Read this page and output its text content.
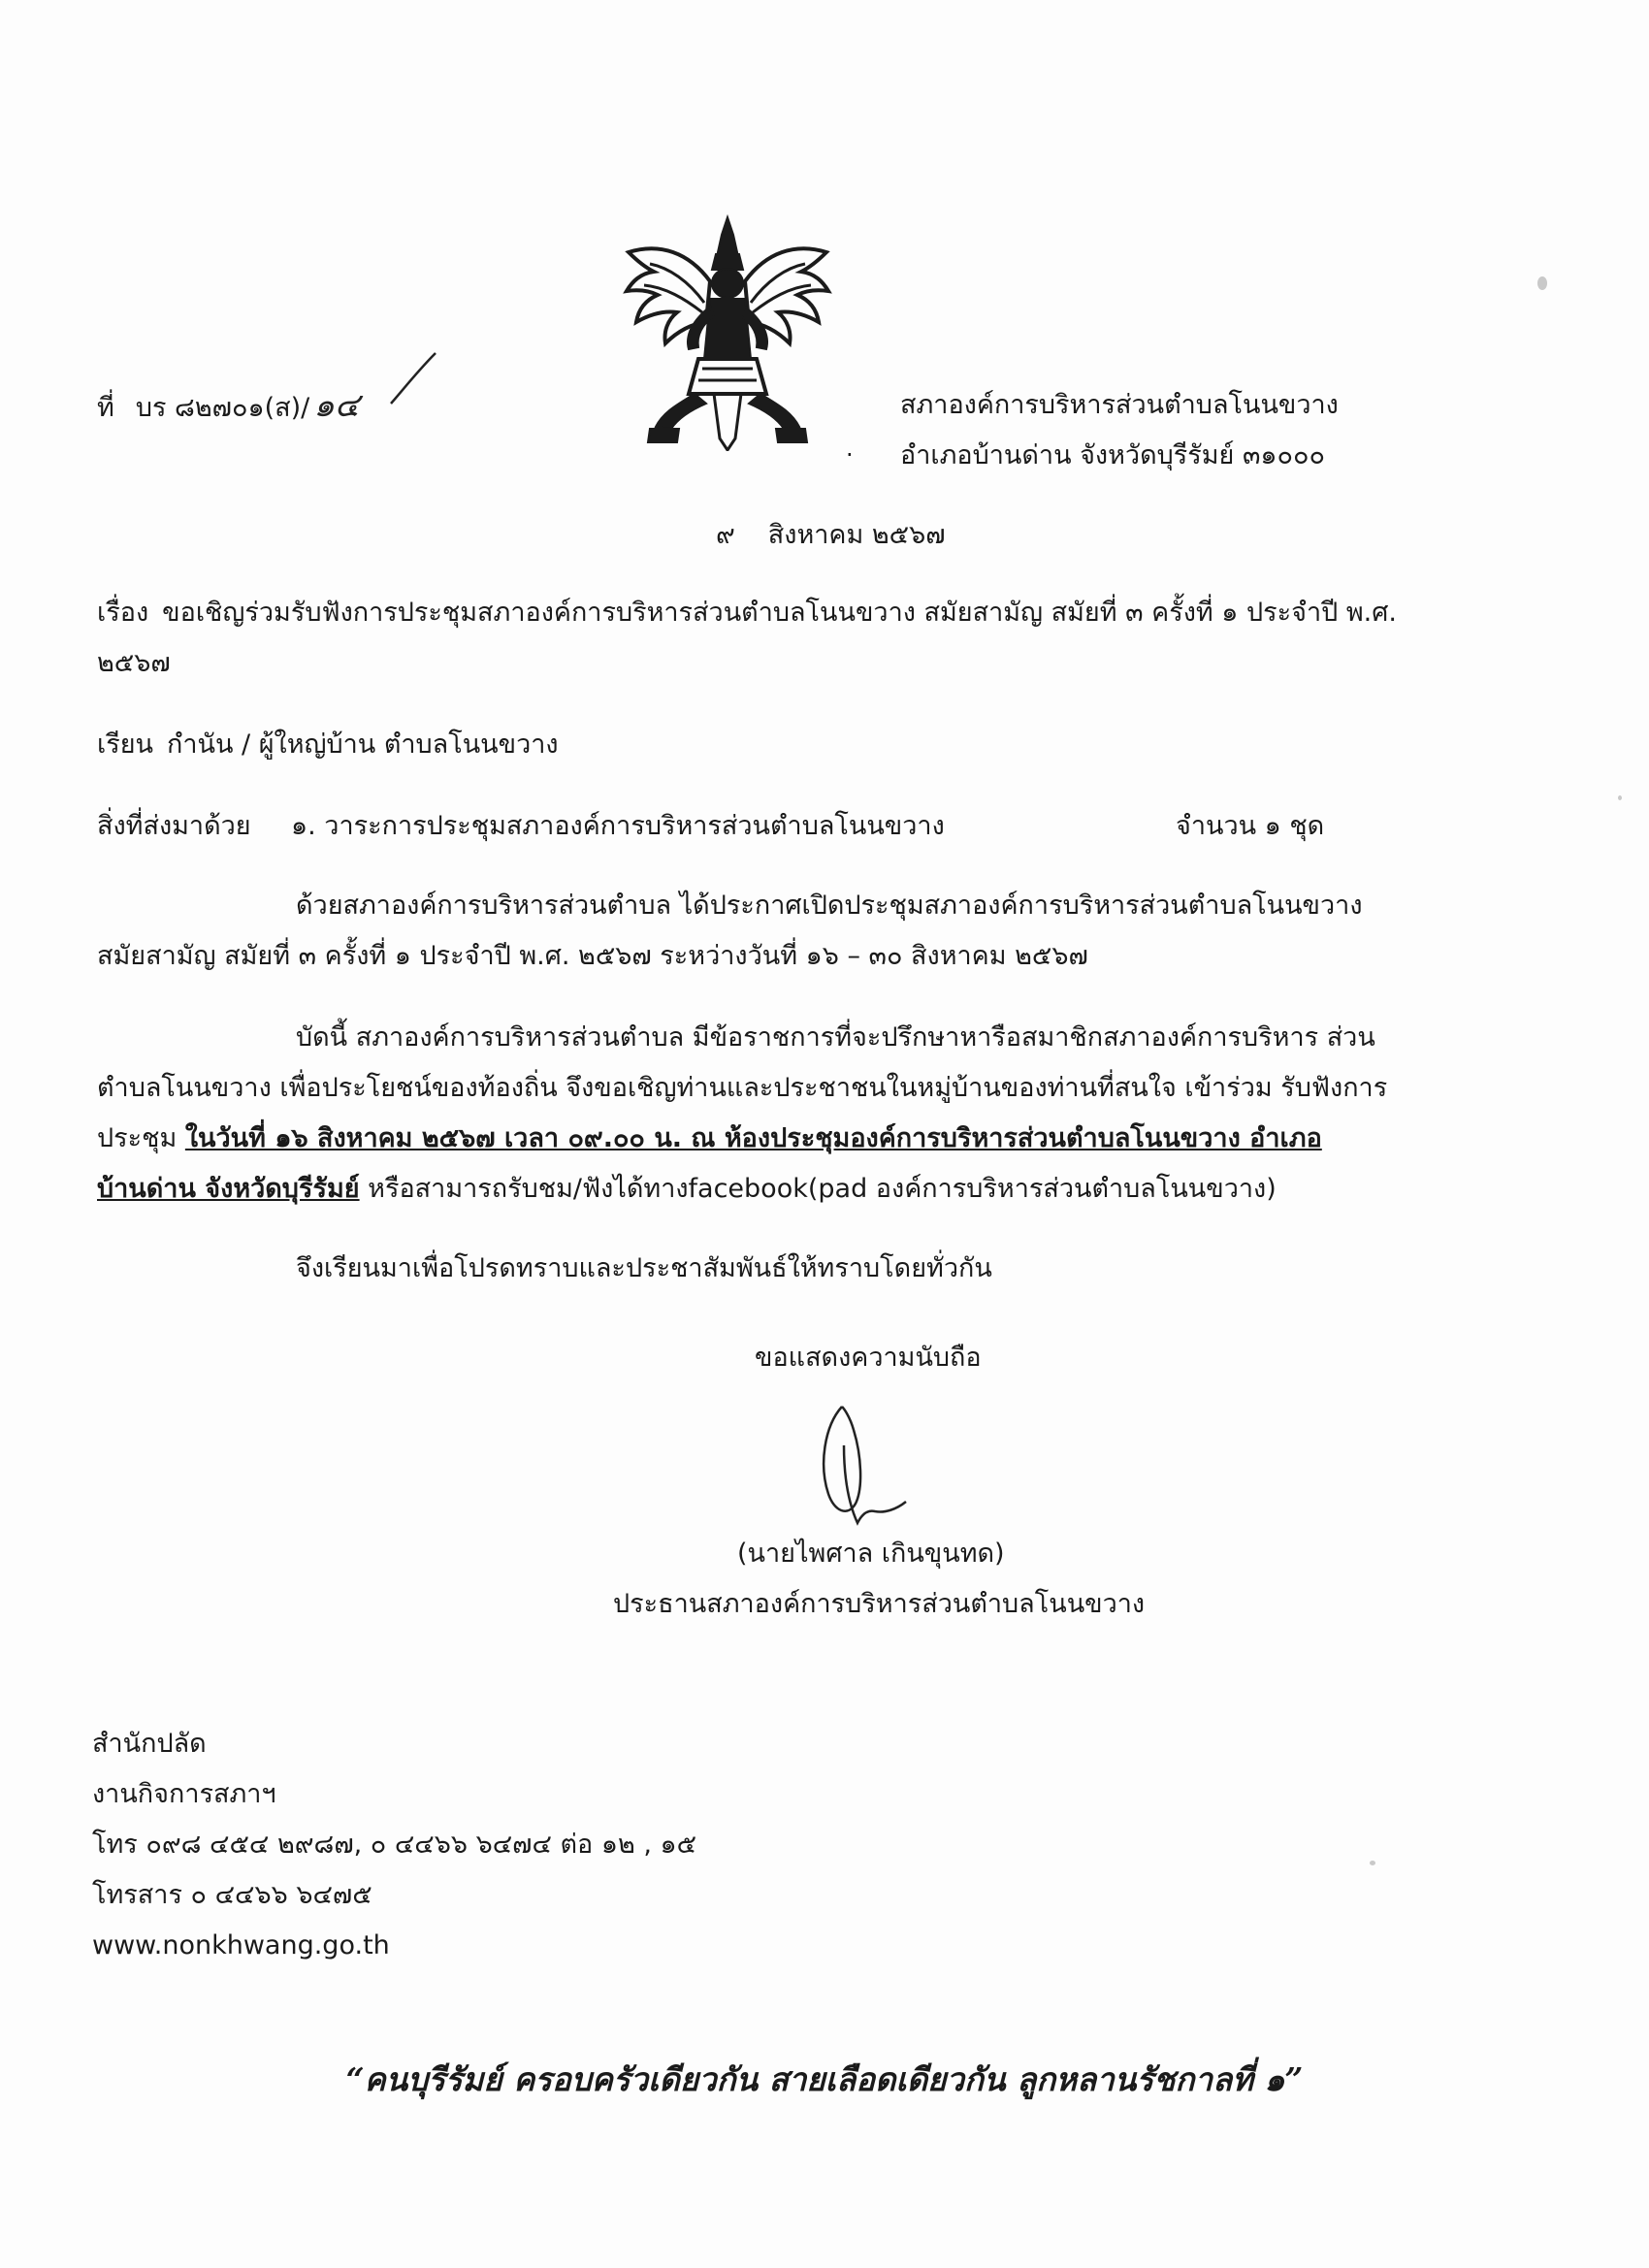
ที่ บร ๘๒๗๐๑(ส)/ ๑๔	สภาองค์การบริหารส่วนตำบลโนนขวาง
. อำเภอบ้านด่าน จังหวัดบุรีรัมย์ ๓๑๐๐๐
๙ สิงหาคม ๒๕๖๗
เรื่อง ขอเชิญร่วมรับฟังการประชุมสภาองค์การบริหารส่วนตำบลโนนขวาง สมัยสามัญ สมัยที่ ๓ ครั้งที่ ๑ ประจำปี พ.ศ.
๒๕๖๗
เรียน กำนัน / ผู้ใหญ่บ้าน ตำบลโนนขวาง
สิ่งที่ส่งมาด้วย ๑. วาระการประชุมสภาองค์การบริหารส่วนตำบลโนนขวาง	จำนวน ๑ ชุด
ด้วยสภาองค์การบริหารส่วนตำบล ได้ประกาศเปิดประชุมสภาองค์การบริหารส่วนตำบลโนนขวาง
สมัยสามัญ สมัยที่ ๓ ครั้งที่ ๑ ประจำปี พ.ศ. ๒๕๖๗ ระหว่างวันที่ ๑๖ – ๓๐ สิงหาคม ๒๕๖๗
บัดนี้ สภาองค์การบริหารส่วนตำบล มีข้อราชการที่จะปรึกษาหารือสมาชิกสภาองค์การบริหาร ส่วน
ตำบลโนนขวาง เพื่อประโยชน์ของท้องถิ่น จึงขอเชิญท่านและประชาชนในหมู่บ้านของท่านที่สนใจ เข้าร่วม รับฟังการ
ประชุม ในวันที่ ๑๖ สิงหาคม ๒๕๖๗ เวลา ๐๙.๐๐ น. ณ ห้องประชุมองค์การบริหารส่วนตำบลโนนขวาง อำเภอ
บ้านด่าน จังหวัดบุรีรัมย์ หรือสามารถรับชม/ฟังได้ทางfacebook(pad องค์การบริหารส่วนตำบลโนนขวาง)
จึงเรียนมาเพื่อโปรดทราบและประชาสัมพันธ์ให้ทราบโดยทั่วกัน
ขอแสดงความนับถือ
(นายไพศาล เกินขุนทด)
ประธานสภาองค์การบริหารส่วนตำบลโนนขวาง
สำนักปลัด
งานกิจการสภาฯ
โทร ๐๙๘ ๔๕๔ ๒๙๘๗, ๐ ๔๔๖๖ ๖๔๗๔ ต่อ ๑๒ , ๑๕
โทรสาร ๐ ๔๔๖๖ ๖๔๗๕
www.nonkhwang.go.th
“คนบุรีรัมย์ ครอบครัวเดียวกัน สายเลือดเดียวกัน ลูกหลานรัชกาลที่ ๑”
